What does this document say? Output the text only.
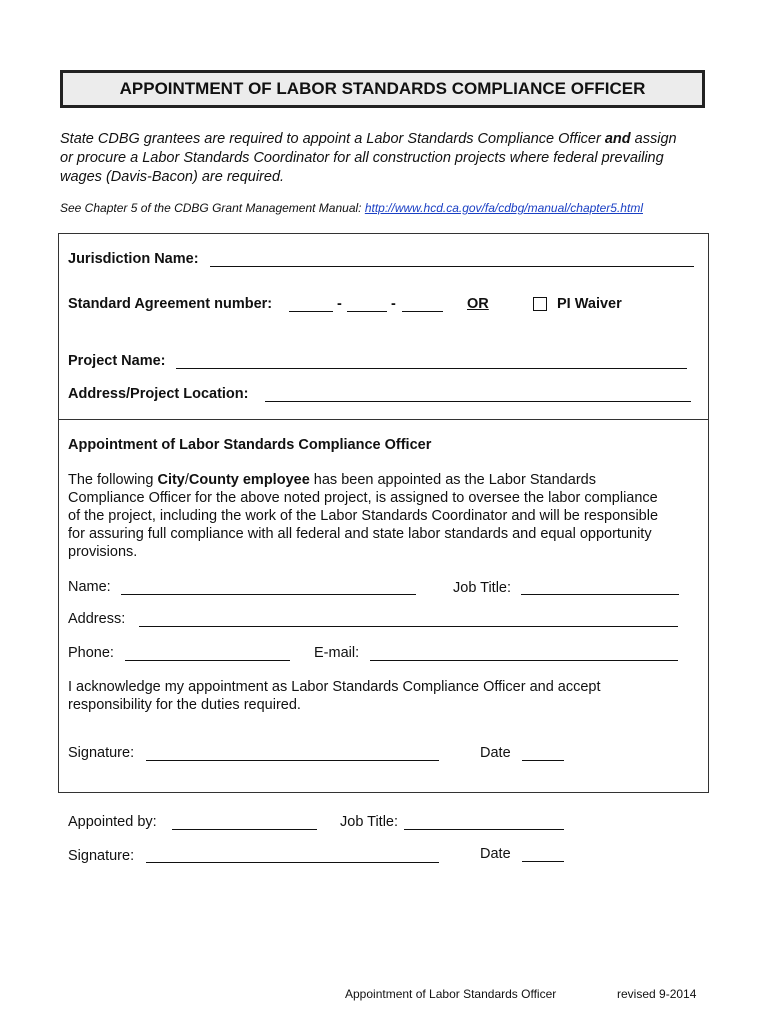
APPOINTMENT OF LABOR STANDARDS COMPLIANCE OFFICER
State CDBG grantees are required to appoint a Labor Standards Compliance Officer and assign
or procure a Labor Standards Coordinator for all construction projects where federal prevailing
wages (Davis-Bacon) are required.
See Chapter 5 of the CDBG Grant Management Manual: http://www.hcd.ca.gov/fa/cdbg/manual/chapter5.html
Jurisdiction Name:
Standard Agreement number:	-	-	OR	PI Waiver
Project Name:
Address/Project Location:
Appointment of Labor Standards Compliance Officer
The following City/County employee has been appointed as the Labor Standards
Compliance Officer for the above noted project, is assigned to oversee the labor compliance
of the project, including the work of the Labor Standards Coordinator and will be responsible
for assuring full compliance with all federal and state labor standards and equal opportunity
provisions.
Name:	Job Title:
Address:
Phone:	E-mail:
I acknowledge my appointment as Labor Standards Compliance Officer and accept
responsibility for the duties required.
Signature:	Date
Appointed by:	Job Title:
Signature:	Date
Appointment of Labor Standards Officer	revised 9-2014
